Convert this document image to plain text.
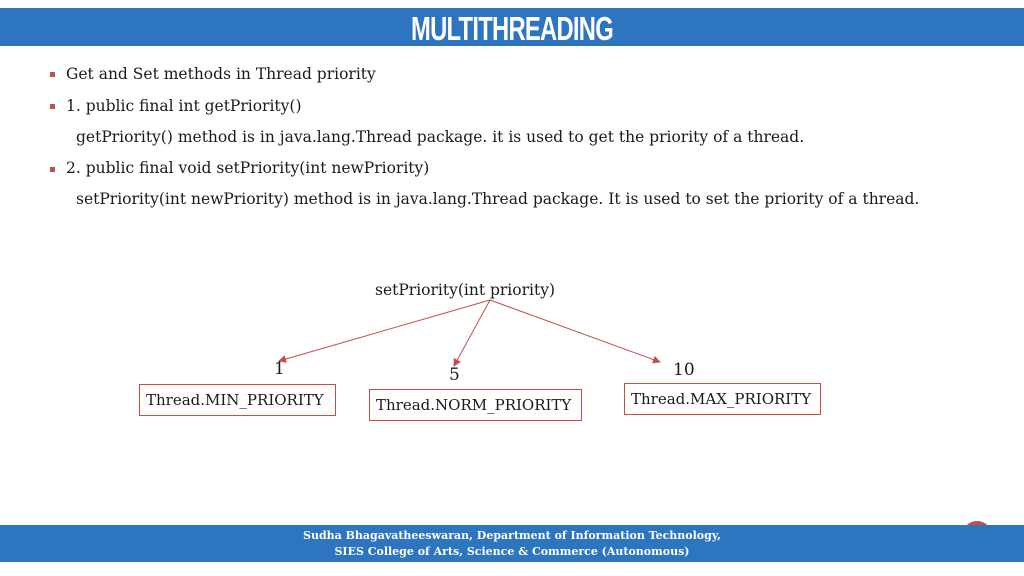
MULTITHREADING
Get and Set methods in Thread priority
1. public final int getPriority()
getPriority() method is in java.lang.Thread package. it is used to get the priority of a thread.
2. public final void setPriority(int newPriority)
setPriority(int newPriority) method is in java.lang.Thread package. It is used to set the priority of a thread.
setPriority(int priority)
1	5	10
Thread.MIN_PRIORITY	Thread.NORM_PRIORITY	Thread.MAX_PRIORITY
Sudha Bhagavatheeswaran, Department of Information Technology,
SIES College of Arts, Science & Commerce (Autonomous)
